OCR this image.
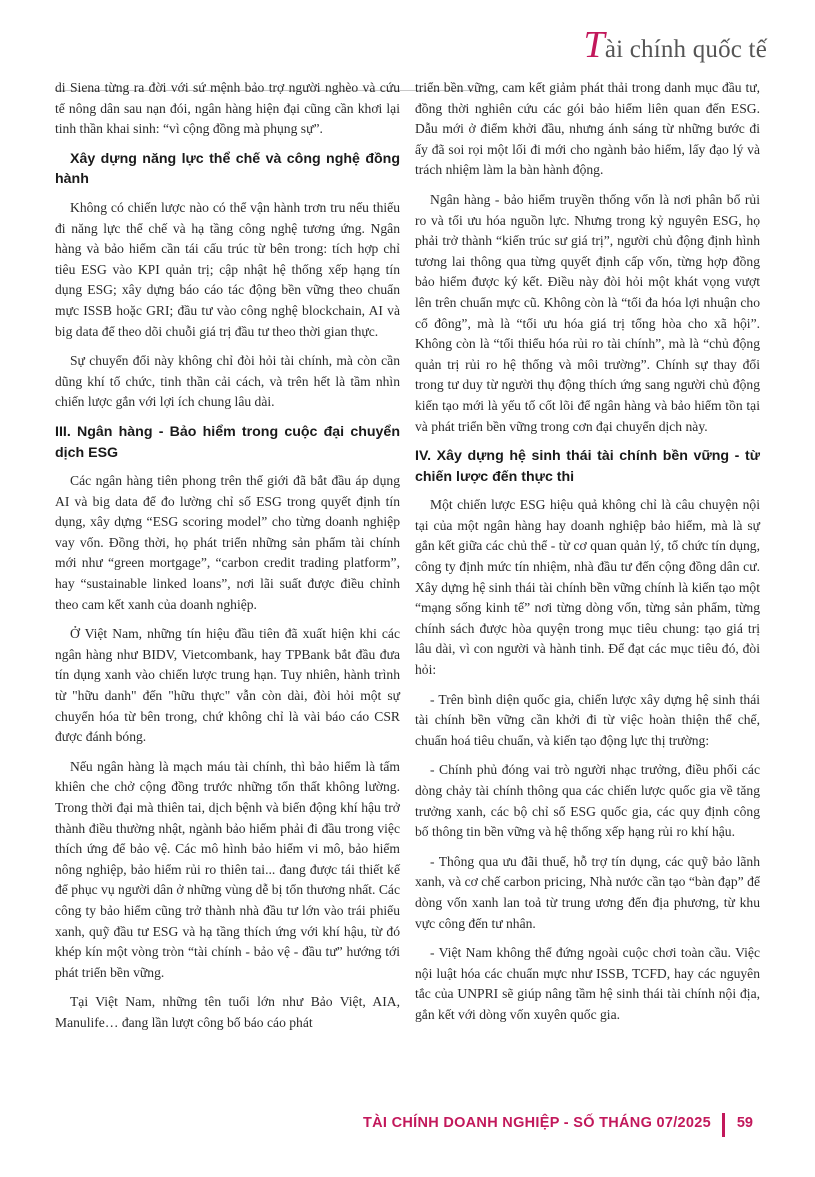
Tài chính quốc tế

di Siena từng ra đời với sứ mệnh bảo trợ người nghèo và cứu tế nông dân sau nạn đói, ngân hàng hiện đại cũng cần khơi lại tinh thần khai sinh: “vì cộng đồng mà phụng sự”.

Xây dựng năng lực thể chế và công nghệ đồng hành

Không có chiến lược nào có thể vận hành trơn tru nếu thiếu đi năng lực thể chế và hạ tầng công nghệ tương ứng. Ngân hàng và bảo hiểm cần tái cấu trúc từ bên trong: tích hợp chỉ tiêu ESG vào KPI quản trị; cập nhật hệ thống xếp hạng tín dụng ESG; xây dựng báo cáo tác động bền vững theo chuẩn mực ISSB hoặc GRI; đầu tư vào công nghệ blockchain, AI và big data để theo dõi chuỗi giá trị đầu tư theo thời gian thực.

Sự chuyển đổi này không chỉ đòi hỏi tài chính, mà còn cần dũng khí tổ chức, tinh thần cải cách, và trên hết là tầm nhìn chiến lược gắn với lợi ích chung lâu dài.

III. Ngân hàng - Bảo hiểm trong cuộc đại chuyển dịch ESG

Các ngân hàng tiên phong trên thế giới đã bắt đầu áp dụng AI và big data để đo lường chỉ số ESG trong quyết định tín dụng, xây dựng “ESG scoring model” cho từng doanh nghiệp vay vốn. Đồng thời, họ phát triển những sản phẩm tài chính mới như “green mortgage”, “carbon credit trading platform”, hay “sustainable linked loans”, nơi lãi suất được điều chỉnh theo cam kết xanh của doanh nghiệp.

Ở Việt Nam, những tín hiệu đầu tiên đã xuất hiện khi các ngân hàng như BIDV, Vietcombank, hay TPBank bắt đầu đưa tín dụng xanh vào chiến lược trung hạn. Tuy nhiên, hành trình từ "hữu danh" đến "hữu thực" vẫn còn dài, đòi hỏi một sự chuyển hóa từ bên trong, chứ không chỉ là vài báo cáo CSR được đánh bóng.

Nếu ngân hàng là mạch máu tài chính, thì bảo hiểm là tấm khiên che chở cộng đồng trước những tổn thất không lường. Trong thời đại mà thiên tai, dịch bệnh và biến động khí hậu trở thành điều thường nhật, ngành bảo hiểm phải đi đầu trong việc thích ứng để bảo vệ. Các mô hình bảo hiểm vi mô, bảo hiểm nông nghiệp, bảo hiểm rủi ro thiên tai... đang được tái thiết kế để phục vụ người dân ở những vùng dễ bị tổn thương nhất. Các công ty bảo hiểm cũng trở thành nhà đầu tư lớn vào trái phiếu xanh, quỹ đầu tư ESG và hạ tầng thích ứng với khí hậu, từ đó khép kín một vòng tròn “tài chính - bảo vệ - đầu tư” hướng tới phát triển bền vững.

Tại Việt Nam, những tên tuổi lớn như Bảo Việt, AIA, Manulife… đang lần lượt công bố báo cáo phát

triển bền vững, cam kết giảm phát thải trong danh mục đầu tư, đồng thời nghiên cứu các gói bảo hiểm liên quan đến ESG. Dẫu mới ở điểm khởi đầu, nhưng ánh sáng từ những bước đi ấy đã soi rọi một lối đi mới cho ngành bảo hiểm, lấy đạo lý và trách nhiệm làm la bàn hành động.

Ngân hàng - bảo hiểm truyền thống vốn là nơi phân bổ rủi ro và tối ưu hóa nguồn lực. Nhưng trong kỷ nguyên ESG, họ phải trở thành “kiến trúc sư giá trị”, người chủ động định hình tương lai thông qua từng quyết định cấp vốn, từng hợp đồng bảo hiểm được ký kết. Điều này đòi hỏi một khát vọng vượt lên trên chuẩn mực cũ. Không còn là “tối đa hóa lợi nhuận cho cổ đông”, mà là “tối ưu hóa giá trị tổng hòa cho xã hội”. Không còn là “tối thiểu hóa rủi ro tài chính”, mà là “chủ động quản trị rủi ro hệ thống và môi trường”. Chính sự thay đổi trong tư duy từ người thụ động thích ứng sang người chủ động kiến tạo mới là yếu tố cốt lõi để ngân hàng và bảo hiểm tồn tại và phát triển bền vững trong cơn đại chuyển dịch này.

IV. Xây dựng hệ sinh thái tài chính bền vững - từ chiến lược đến thực thi

Một chiến lược ESG hiệu quả không chỉ là câu chuyện nội tại của một ngân hàng hay doanh nghiệp bảo hiểm, mà là sự gắn kết giữa các chủ thể - từ cơ quan quản lý, tổ chức tín dụng, công ty định mức tín nhiệm, nhà đầu tư đến cộng đồng dân cư. Xây dựng hệ sinh thái tài chính bền vững chính là kiến tạo một “mạng sống kinh tế” nơi từng dòng vốn, từng sản phẩm, từng chính sách được hòa quyện trong mục tiêu chung: tạo giá trị lâu dài, vì con người và hành tinh. Để đạt các mục tiêu đó, đòi hỏi:

- Trên bình diện quốc gia, chiến lược xây dựng hệ sinh thái tài chính bền vững cần khởi đi từ việc hoàn thiện thể chế, chuẩn hoá tiêu chuẩn, và kiến tạo động lực thị trường:

- Chính phủ đóng vai trò người nhạc trưởng, điều phối các dòng chảy tài chính thông qua các chiến lược quốc gia về tăng trưởng xanh, các bộ chỉ số ESG quốc gia, các quy định công bố thông tin bền vững và hệ thống xếp hạng rủi ro khí hậu.

- Thông qua ưu đãi thuế, hỗ trợ tín dụng, các quỹ bảo lãnh xanh, và cơ chế carbon pricing, Nhà nước cần tạo “bàn đạp” để dòng vốn xanh lan toả từ trung ương đến địa phương, từ khu vực công đến tư nhân.

- Việt Nam không thể đứng ngoài cuộc chơi toàn cầu. Việc nội luật hóa các chuẩn mực như ISSB, TCFD, hay các nguyên tắc của UNPRI sẽ giúp nâng tầm hệ sinh thái tài chính nội địa, gắn kết với dòng vốn xuyên quốc gia.

TÀI CHÍNH DOANH NGHIỆP - SỐ THÁNG 07/2025 59
